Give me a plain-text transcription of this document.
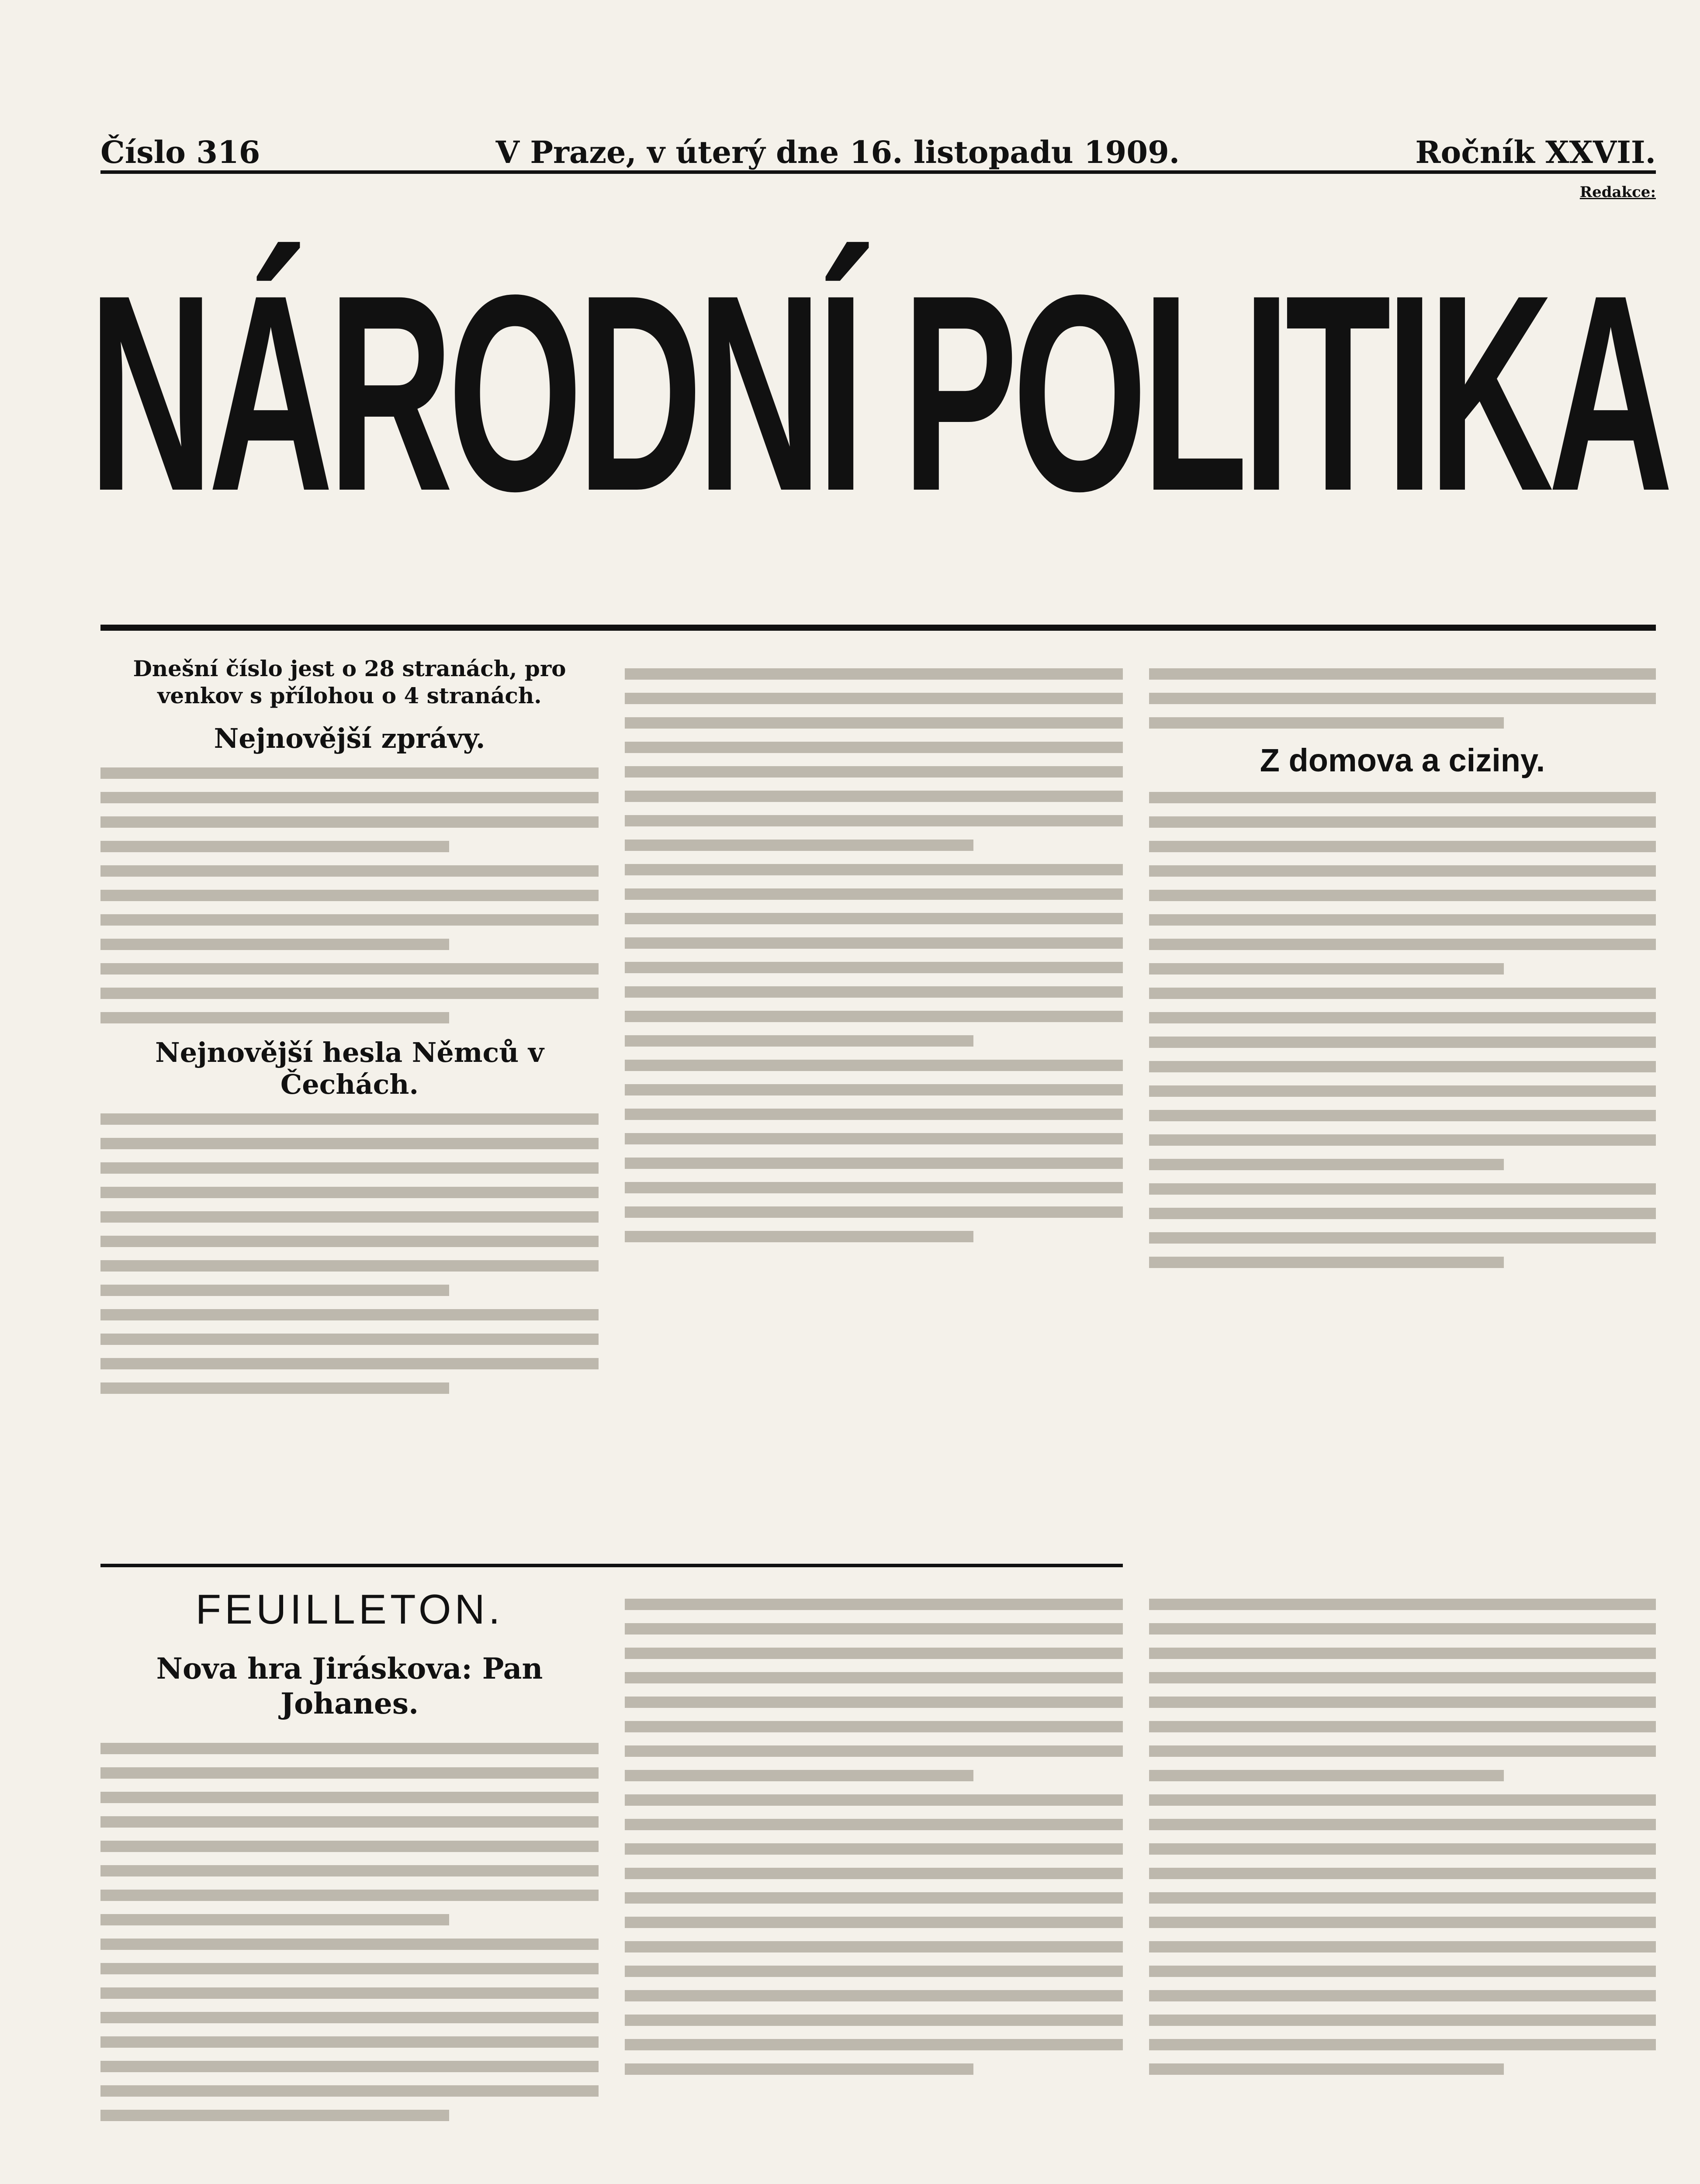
Číslo 316	V Praze, v úterý dne 16. listopadu 1909.	Ročník XXVII.
NÁRODNÍ POLITIKA
Redakce:
Dnešní číslo jest o 28 stranách, pro venkov s přílohou o 4 stranách.
Nejnovější zprávy.
Nejnovější hesla Němců v Čechách.
Z domova a ciziny.
FEUILLETON.
Nova hra Jiráskova: Pan Johanes.
